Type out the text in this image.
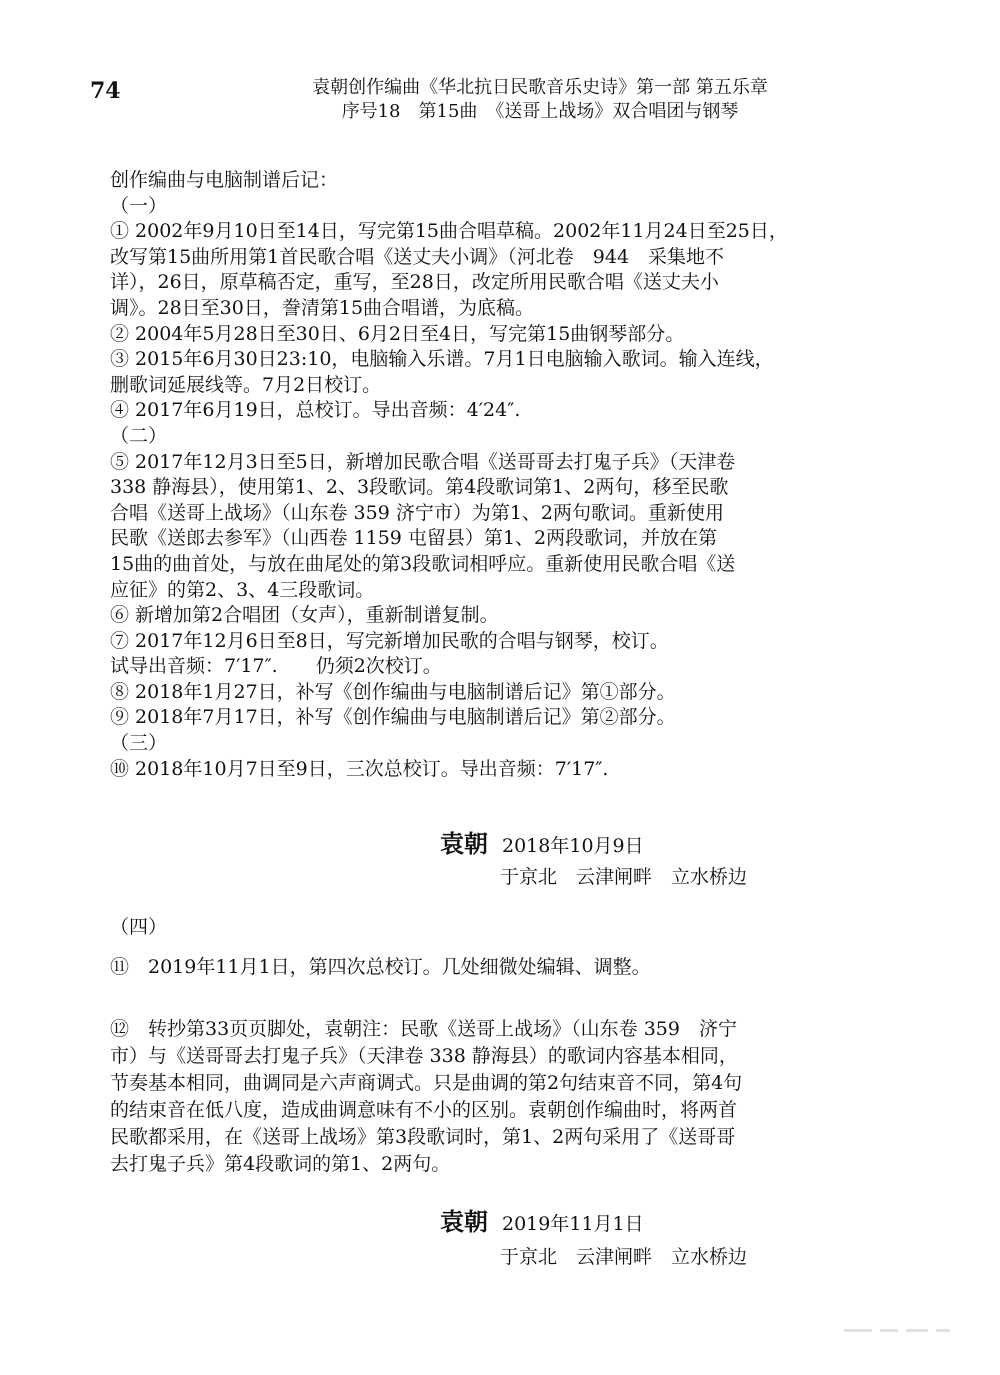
74	袁朝创作编曲《华北抗日民歌音乐史诗》第一部 第五乐章
序号18　第15曲　《送哥上战场》双合唱团与钢琴
创作编曲与电脑制谱后记：
（一）
① 2002年9月10日至14日，写完第15曲合唱草稿。2002年11月24日至25日，
改写第15曲所用第1首民歌合唱《送丈夫小调》（河北卷　944　采集地不
详），26日，原草稿否定，重写，至28日，改定所用民歌合唱《送丈夫小
调》。28日至30日，誊清第15曲合唱谱，为底稿。
② 2004年5月28日至30日、6月2日至4日，写完第15曲钢琴部分。
③ 2015年6月30日23:10，电脑输入乐谱。7月1日电脑输入歌词。输入连线，
删歌词延展线等。7月2日校订。
④ 2017年6月19日，总校订。导出音频：4′24″.
（二）
⑤ 2017年12月3日至5日，新增加民歌合唱《送哥哥去打鬼子兵》（天津卷
338 静海县），使用第1、2、3段歌词。第4段歌词第1、2两句，移至民歌
合唱《送哥上战场》（山东卷 359 济宁市）为第1、2两句歌词。重新使用
民歌《送郎去参军》（山西卷 1159 屯留县）第1、2两段歌词，并放在第
15曲的曲首处，与放在曲尾处的第3段歌词相呼应。重新使用民歌合唱《送
应征》的第2、3、4三段歌词。
⑥ 新增加第2合唱团（女声），重新制谱复制。
⑦ 2017年12月6日至8日，写完新增加民歌的合唱与钢琴，校订。
试导出音频：7′17″.　　仍须2次校订。
⑧ 2018年1月27日，补写《创作编曲与电脑制谱后记》第①部分。
⑨ 2018年7月17日，补写《创作编曲与电脑制谱后记》第②部分。
（三）
⑩ 2018年10月7日至9日，三次总校订。导出音频：7′17″.
袁朝 2018年10月9日
于京北　云津闸畔　立水桥边
（四）
⑪　2019年11月1日，第四次总校订。几处细微处编辑、调整。
⑫　转抄第33页页脚处，袁朝注：民歌《送哥上战场》（山东卷 359　济宁
市）与《送哥哥去打鬼子兵》（天津卷 338 静海县）的歌词内容基本相同，
节奏基本相同，曲调同是六声商调式。只是曲调的第2句结束音不同，第4句
的结束音在低八度，造成曲调意味有不小的区别。袁朝创作编曲时，将两首
民歌都采用，在《送哥上战场》第3段歌词时，第1、2两句采用了《送哥哥
去打鬼子兵》第4段歌词的第1、2两句。
袁朝 2019年11月1日
于京北　云津闸畔　立水桥边
